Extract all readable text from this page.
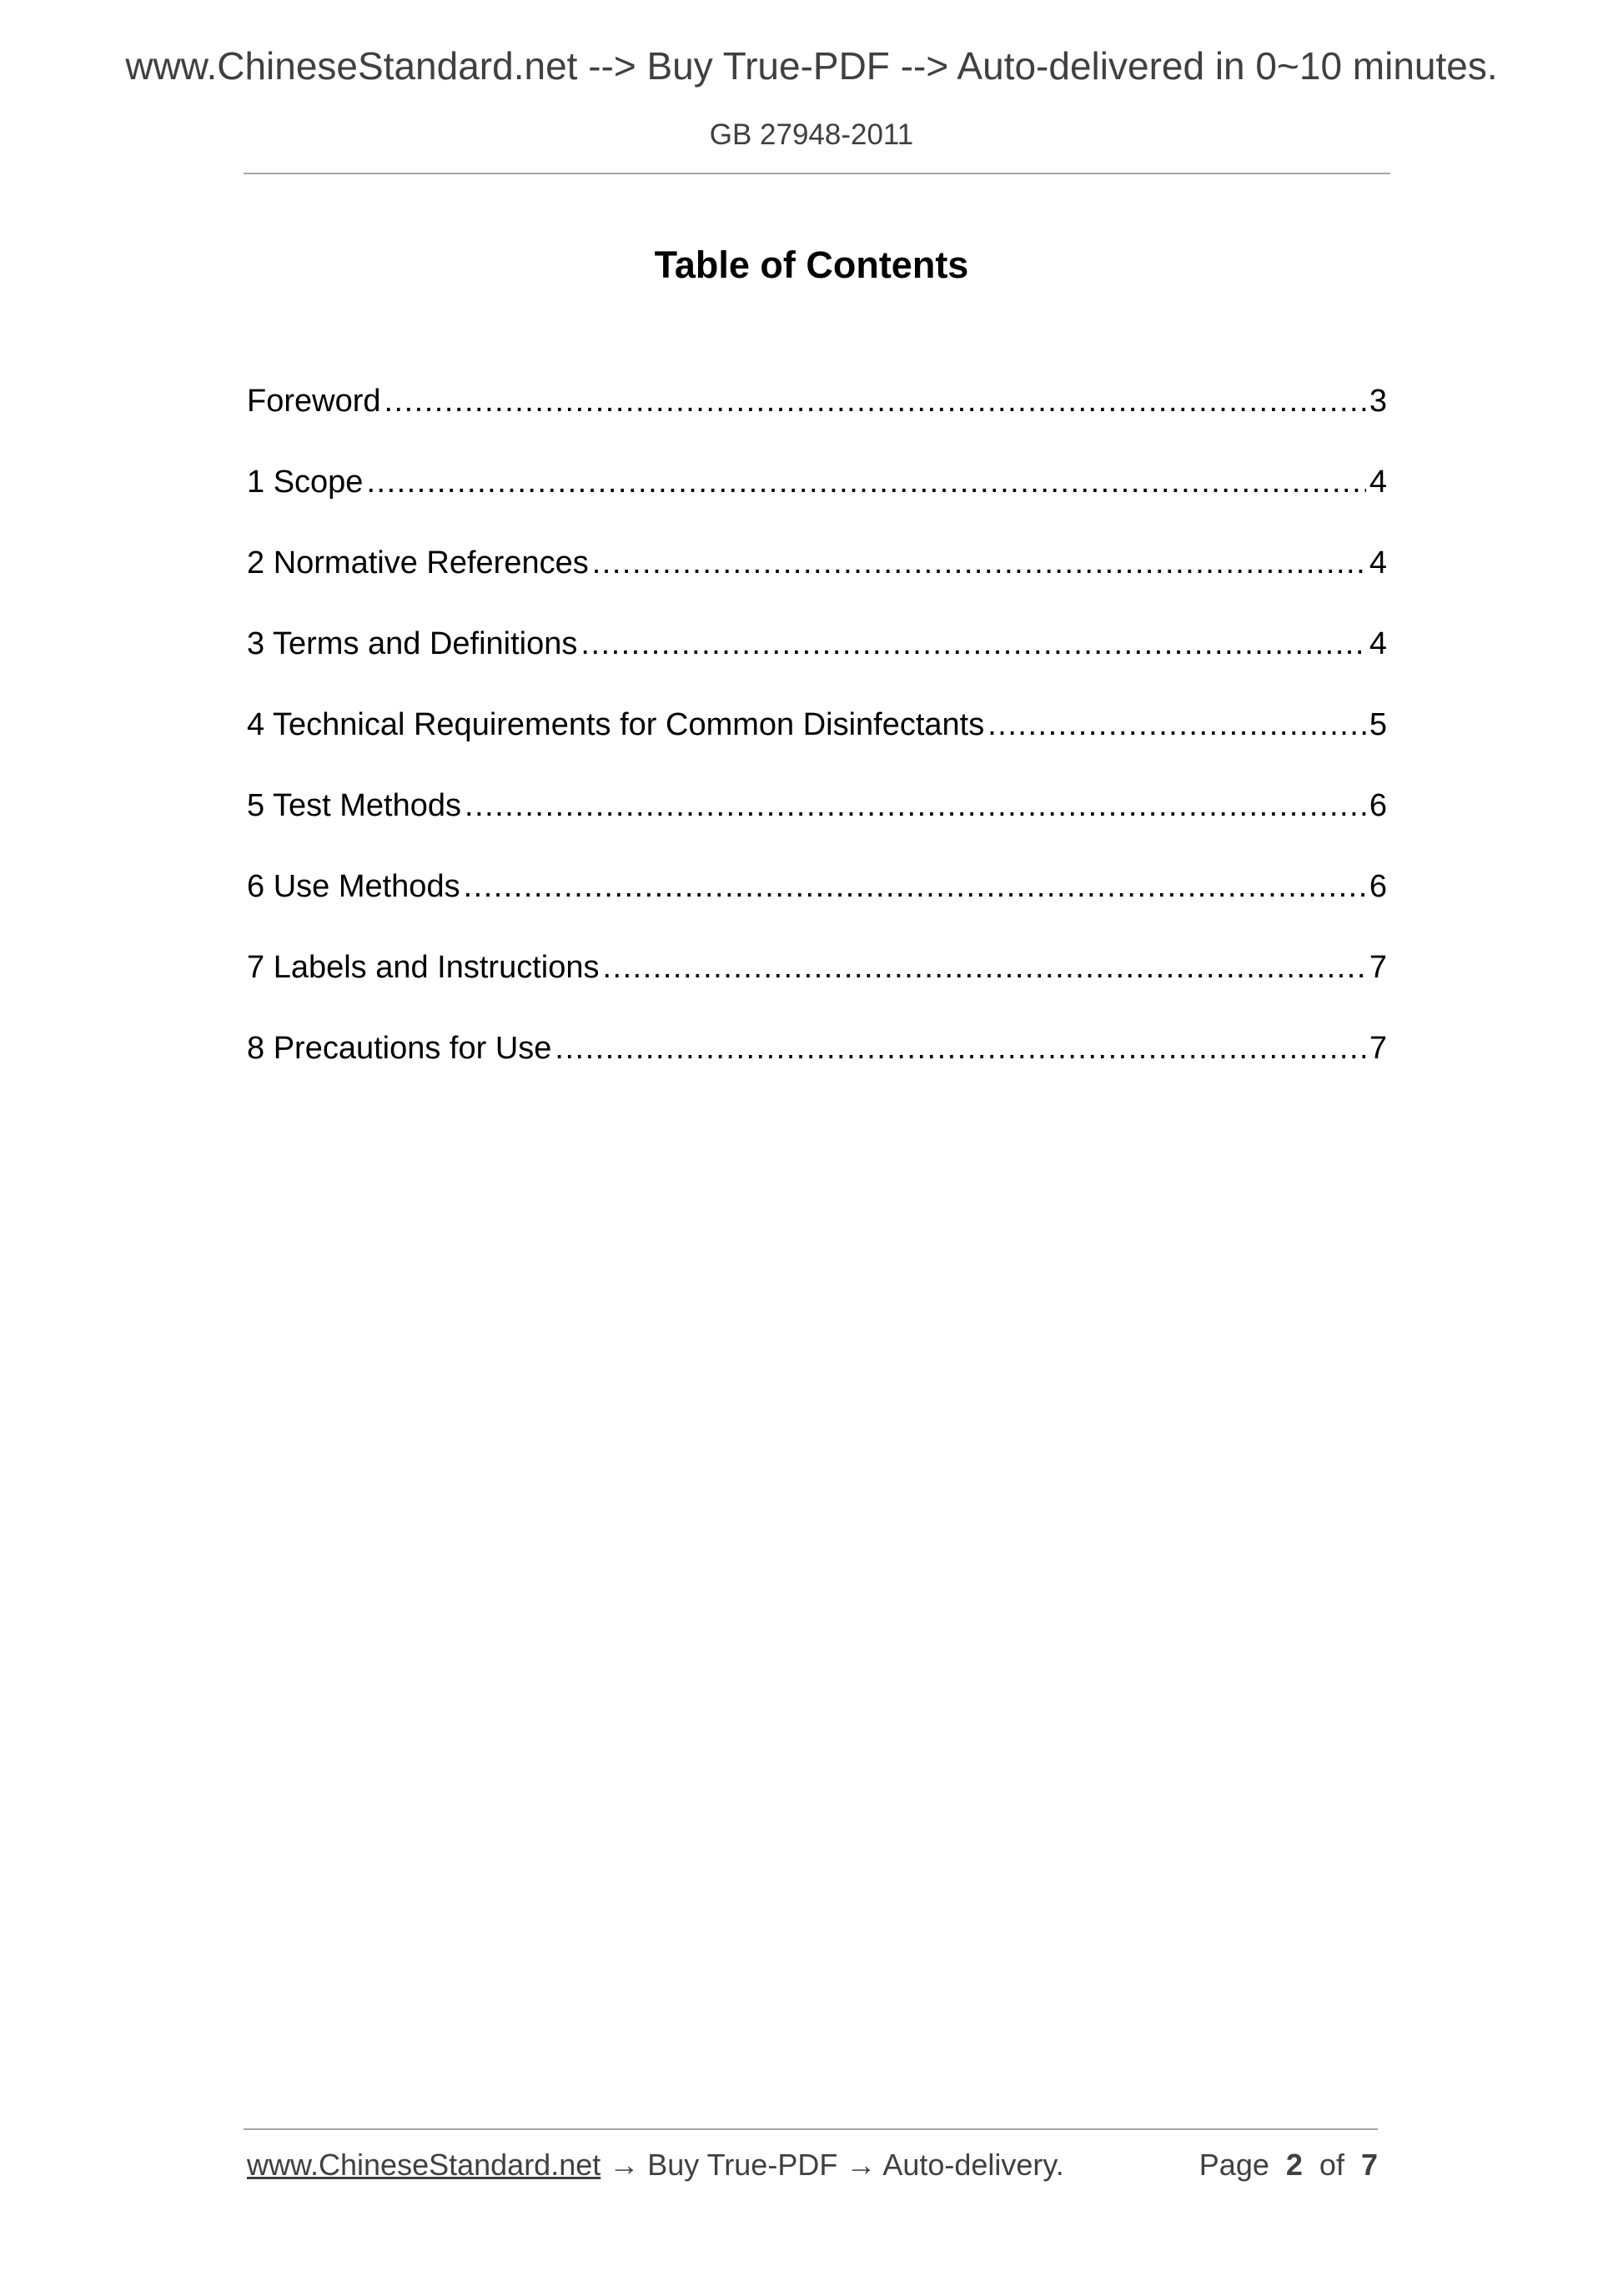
www.ChineseStandard.net --> Buy True-PDF --> Auto-delivered in 0~10 minutes.
GB 27948-2011
Table of Contents
Foreword .....	3
1 Scope .....	4
2 Normative References .....	4
3 Terms and Definitions .....	4
4 Technical Requirements for Common Disinfectants .....	5
5 Test Methods .....	6
6 Use Methods .....	6
7 Labels and Instructions .....	7
8 Precautions for Use .....	7
www.ChineseStandard.net → Buy True-PDF → Auto-delivery.	Page 2 of 7
